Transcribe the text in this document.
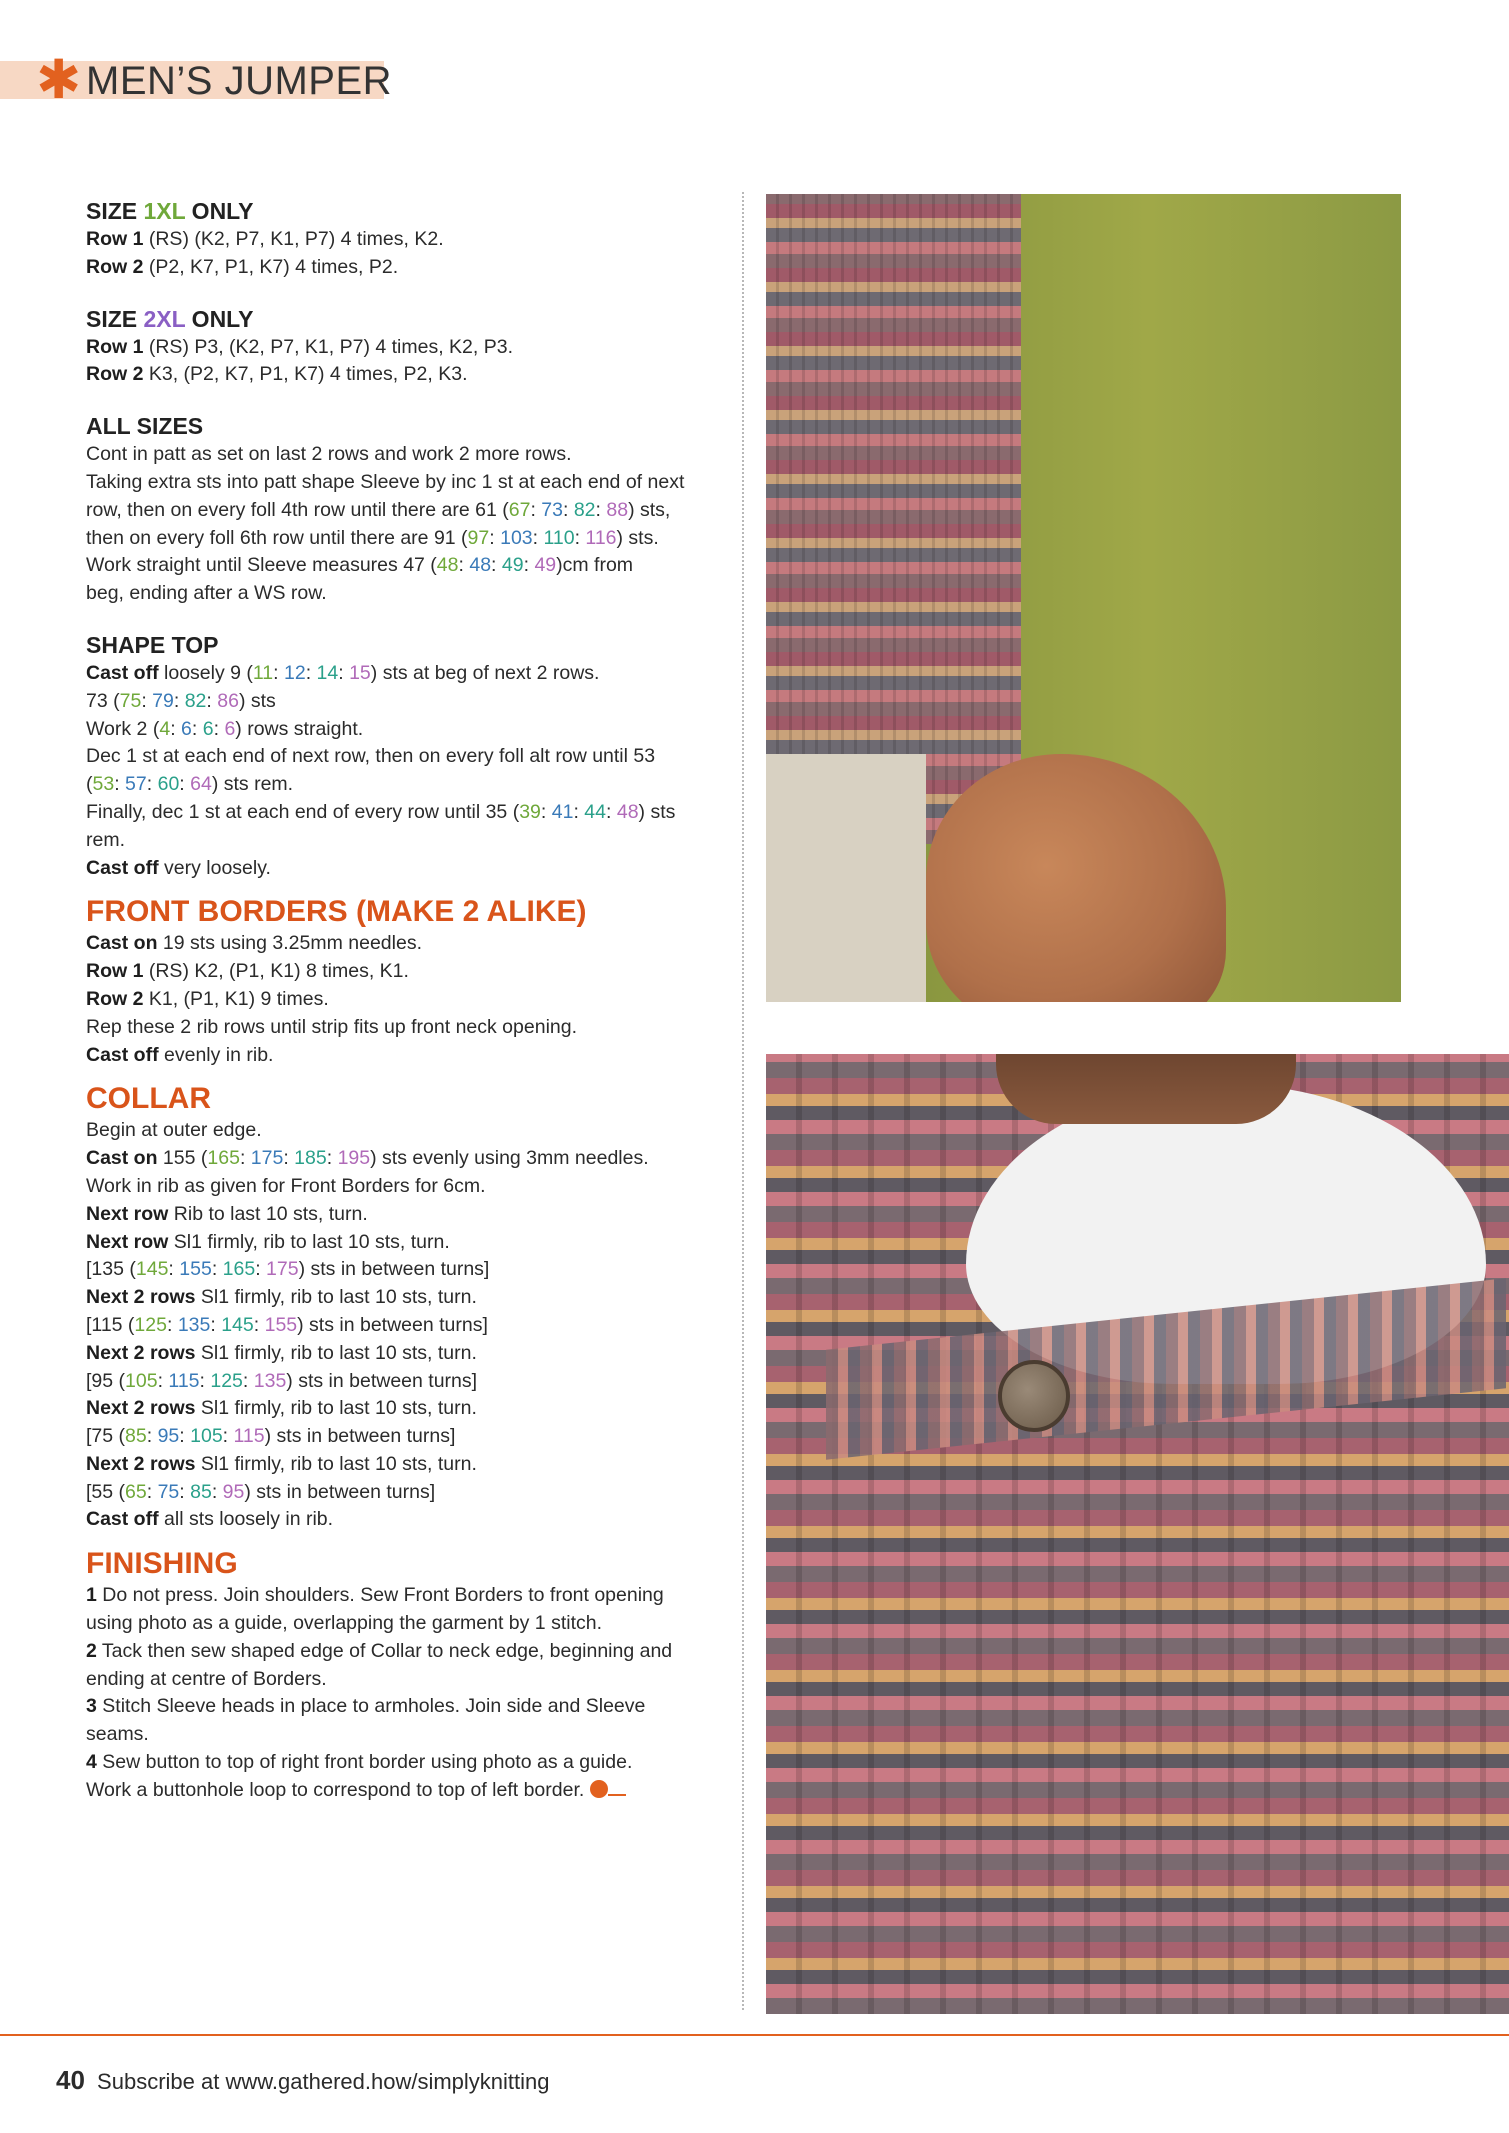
✱ MEN’S JUMPER

SIZE 1XL ONLY

Row 1 (RS) (K2, P7, K1, P7) 4 times, K2.

Row 2 (P2, K7, P1, K7) 4 times, P2.

SIZE 2XL ONLY

Row 1 (RS) P3, (K2, P7, K1, P7) 4 times, K2, P3.

Row 2 K3, (P2, K7, P1, K7) 4 times, P2, K3.

ALL SIZES

Cont in patt as set on last 2 rows and work 2 more rows.

Taking extra sts into patt shape Sleeve by inc 1 st at each end of next

row, then on every foll 4th row until there are 61 (67: 73: 82: 88) sts,

then on every foll 6th row until there are 91 (97: 103: 110: 116) sts.

Work straight until Sleeve measures 47 (48: 48: 49: 49)cm from

beg, ending after a WS row.

SHAPE TOP

Cast off loosely 9 (11: 12: 14: 15) sts at beg of next 2 rows.

73 (75: 79: 82: 86) sts

Work 2 (4: 6: 6: 6) rows straight.

Dec 1 st at each end of next row, then on every foll alt row until 53

(53: 57: 60: 64) sts rem.

Finally, dec 1 st at each end of every row until 35 (39: 41: 44: 48) sts

rem.

Cast off very loosely.

FRONT BORDERS (MAKE 2 ALIKE)

Cast on 19 sts using 3.25mm needles.

Row 1 (RS) K2, (P1, K1) 8 times, K1.

Row 2 K1, (P1, K1) 9 times.

Rep these 2 rib rows until strip fits up front neck opening.

Cast off evenly in rib.

COLLAR

Begin at outer edge.

Cast on 155 (165: 175: 185: 195) sts evenly using 3mm needles.

Work in rib as given for Front Borders for 6cm.

Next row Rib to last 10 sts, turn.

Next row Sl1 firmly, rib to last 10 sts, turn.

[135 (145: 155: 165: 175) sts in between turns]

Next 2 rows Sl1 firmly, rib to last 10 sts, turn.

[115 (125: 135: 145: 155) sts in between turns]

Next 2 rows Sl1 firmly, rib to last 10 sts, turn.

[95 (105: 115: 125: 135) sts in between turns]

Next 2 rows Sl1 firmly, rib to last 10 sts, turn.

[75 (85: 95: 105: 115) sts in between turns]

Next 2 rows Sl1 firmly, rib to last 10 sts, turn.

[55 (65: 75: 85: 95) sts in between turns]

Cast off all sts loosely in rib.

FINISHING

1 Do not press. Join shoulders. Sew Front Borders to front opening

using photo as a guide, overlapping the garment by 1 stitch.

2 Tack then sew shaped edge of Collar to neck edge, beginning and

ending at centre of Borders.

3 Stitch Sleeve heads in place to armholes. Join side and Sleeve

seams.

4 Sew button to top of right front border using photo as a guide.

Work a buttonhole loop to correspond to top of left border.

40 Subscribe at www.gathered.how/simplyknitting
